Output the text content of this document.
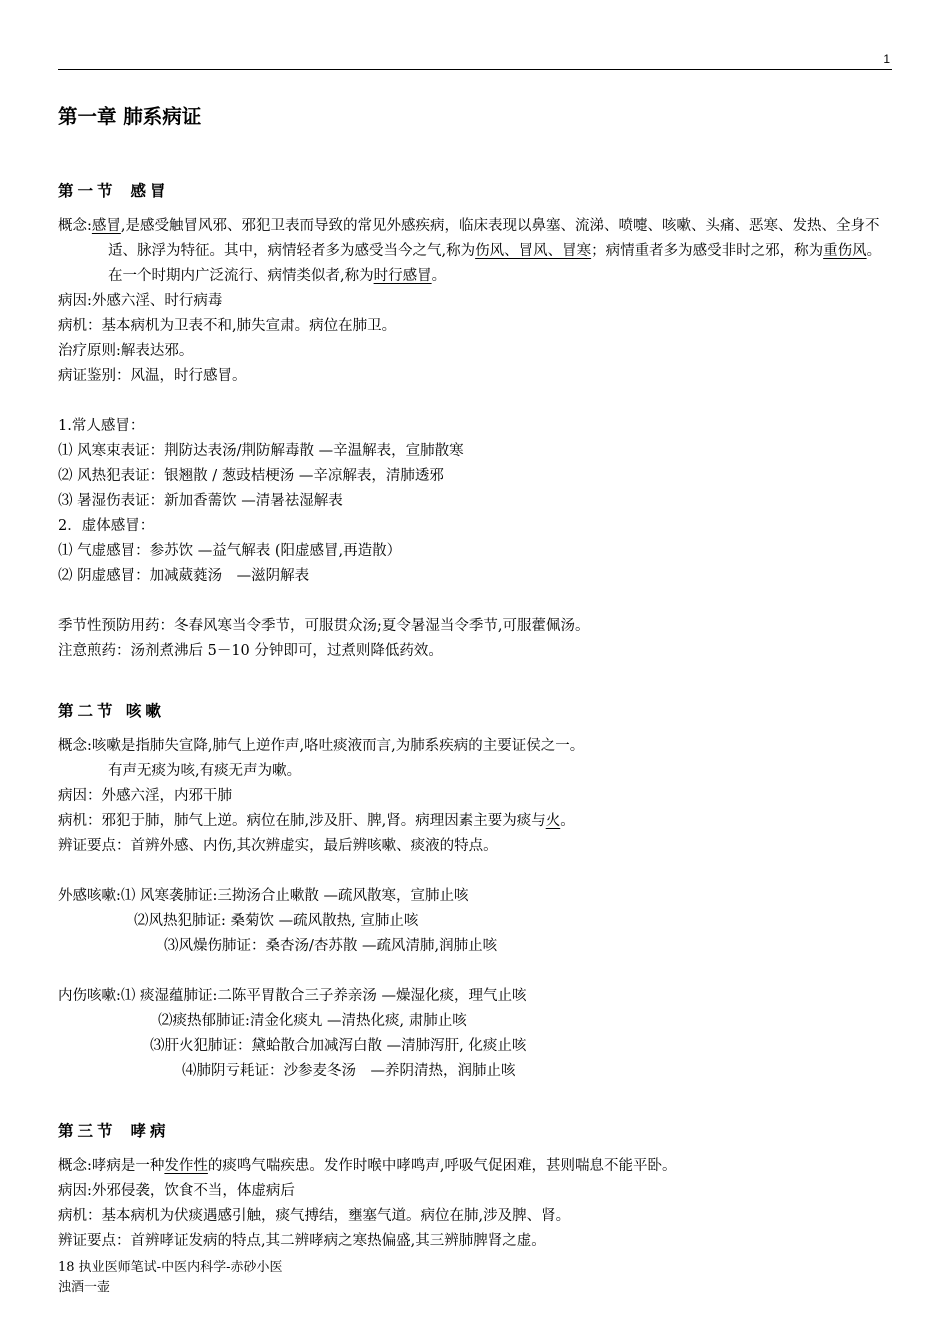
1
第一章 肺系病证
第一节 感冒

概念:感冒,是感受触冒风邪、邪犯卫表而导致的常见外感疾病，临床表现以鼻塞、流涕、喷嚏、咳嗽、头痛、恶寒、发热、全身不适、脉浮为特征。其中，病情轻者多为感受当今之气,称为伤风、冒风、冒寒；病情重者多为感受非时之邪，称为重伤风。在一个时期内广泛流行、病情类似者,称为时行感冒。

病因:外感六淫、时行病毒

病机：基本病机为卫表不和,肺失宣肃。病位在肺卫。

治疗原则:解表达邪。

病证鉴别：风温，时行感冒。

1.常人感冒：

⑴ 风寒束表证：荆防达表汤/荆防解毒散 —辛温解表，宣肺散寒

⑵ 风热犯表证：银翘散 / 葱豉桔梗汤 —辛凉解表，清肺透邪

⑶ 暑湿伤表证：新加香薷饮 —清暑祛湿解表

2．虚体感冒：

⑴ 气虚感冒：参苏饮 —益气解表 (阳虚感冒,再造散）

⑵ 阴虚感冒：加减葳蕤汤　—滋阴解表

季节性预防用药：冬春风寒当令季节，可服贯众汤;夏令暑湿当令季节,可服藿佩汤。

注意煎药：汤剂煮沸后 5－10 分钟即可，过煮则降低药效。

第二节 咳嗽

概念:咳嗽是指肺失宣降,肺气上逆作声,咯吐痰液而言,为肺系疾病的主要证侯之一。

有声无痰为咳,有痰无声为嗽。

病因：外感六淫，内邪干肺

病机：邪犯于肺，肺气上逆。病位在肺,涉及肝、脾,肾。病理因素主要为痰与火。

辨证要点：首辨外感、内伤,其次辨虚实，最后辨咳嗽、痰液的特点。

外感咳嗽:⑴ 风寒袭肺证:三拗汤合止嗽散 —疏风散寒，宣肺止咳

⑵风热犯肺证: 桑菊饮 —疏风散热, 宣肺止咳

⑶风燥伤肺证：桑杏汤/杏苏散 —疏风清肺,润肺止咳

内伤咳嗽:⑴ 痰湿蕴肺证:二陈平胃散合三子养亲汤 —燥湿化痰，理气止咳

⑵痰热郁肺证:清金化痰丸 —清热化痰, 肃肺止咳

⑶肝火犯肺证：黛蛤散合加减泻白散 —清肺泻肝, 化痰止咳

⑷肺阴亏耗证：沙参麦冬汤　—养阴清热，润肺止咳

第三节 哮病

概念:哮病是一种发作性的痰鸣气喘疾患。发作时喉中哮鸣声,呼吸气促困难，甚则喘息不能平卧。

病因:外邪侵袭，饮食不当，体虚病后

病机：基本病机为伏痰遇感引触，痰气搏结，壅塞气道。病位在肺,涉及脾、肾。

辨证要点：首辨哮证发病的特点,其二辨哮病之寒热偏盛,其三辨肺脾肾之虚。

18 执业医师笔试-中医内科学-赤砂小医
浊酒一壶
